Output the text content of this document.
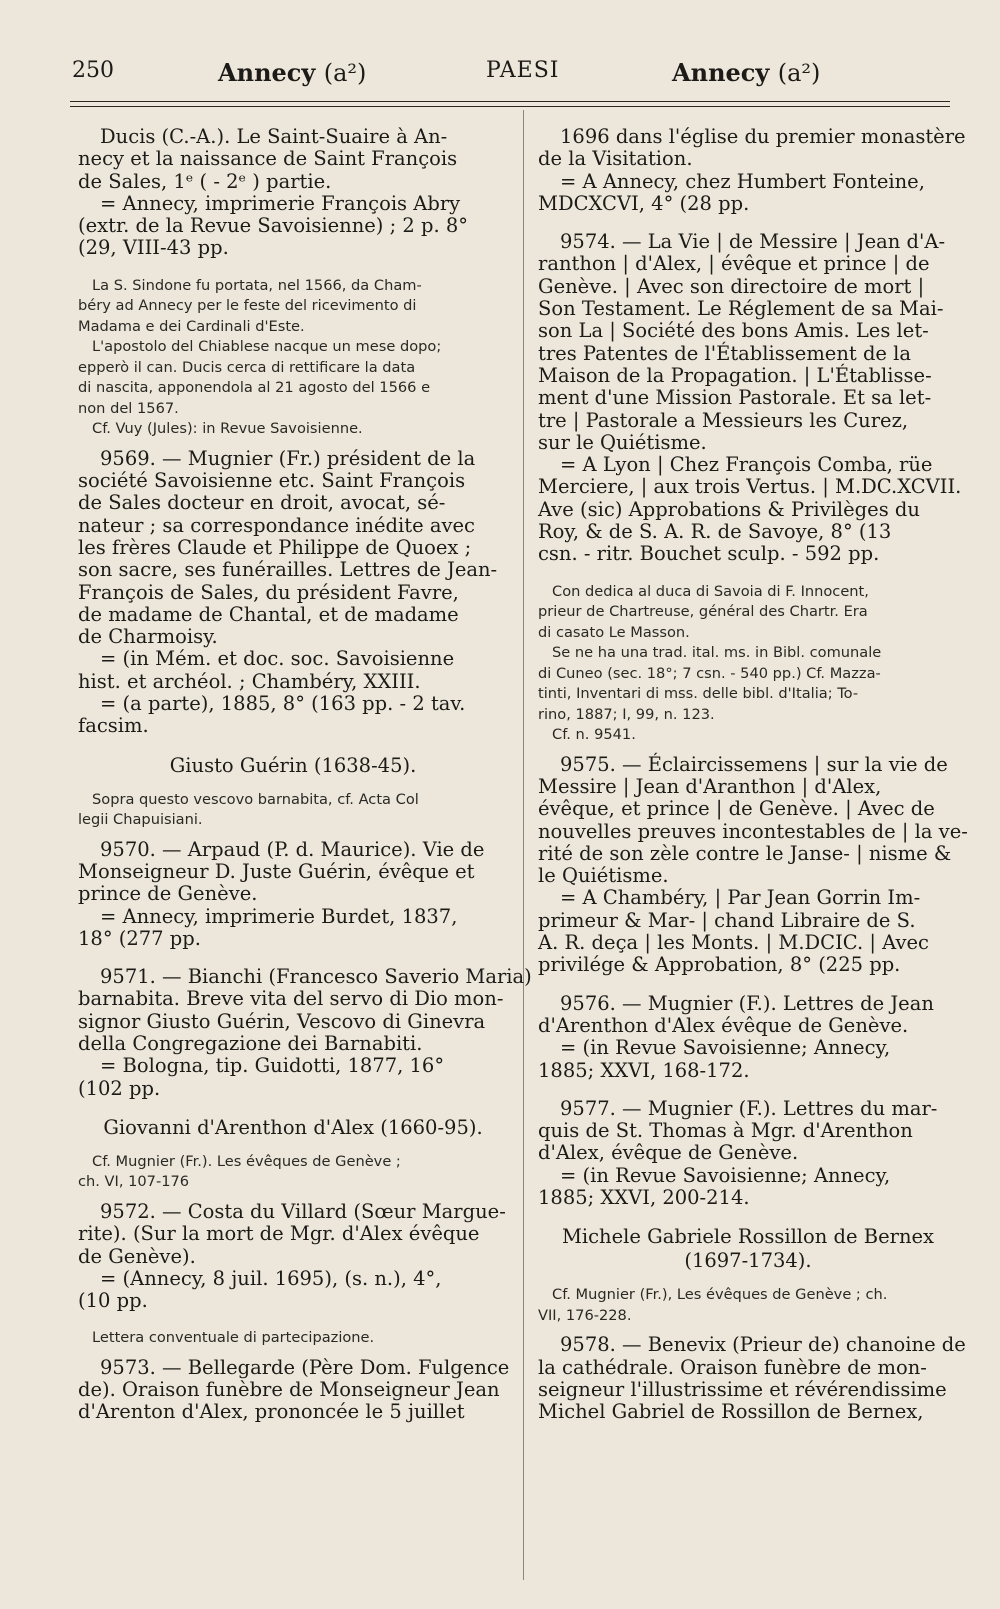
250	Annecy (a²)	PAESI	Annecy (a²)
Ducis (C.-A.). Le Saint-Suaire à An-
necy et la naissance de Saint François
de Sales, 1ᵉ ( - 2ᵉ ) partie.
= Annecy, imprimerie François Abry
(extr. de la Revue Savoisienne) ; 2 p. 8°
(29, VIII-43 pp.
La S. Sindone fu portata, nel 1566, da Cham-
béry ad Annecy per le feste del ricevimento di
Madama e dei Cardinali d'Este.
L'apostolo del Chiablese nacque un mese dopo;
epperò il can. Ducis cerca di rettificare la data
di nascita, apponendola al 21 agosto del 1566 e
non del 1567.
Cf. Vuy (Jules): in Revue Savoisienne.
9569. — Mugnier (Fr.) président de la
société Savoisienne etc. Saint François
de Sales docteur en droit, avocat, sé-
nateur ; sa correspondance inédite avec
les frères Claude et Philippe de Quoex ;
son sacre, ses funérailles. Lettres de Jean-
François de Sales, du président Favre,
de madame de Chantal, et de madame
de Charmoisy.
= (in Mém. et doc. soc. Savoisienne
hist. et archéol. ; Chambéry, XXIII.
= (a parte), 1885, 8° (163 pp. - 2 tav.
facsim.
Giusto Guérin (1638-45).
Sopra questo vescovo barnabita, cf. Acta Col
legii Chapuisiani.
9570. — Arpaud (P. d. Maurice). Vie de
Monseigneur D. Juste Guérin, évêque et
prince de Genève.
= Annecy, imprimerie Burdet, 1837,
18° (277 pp.
9571. — Bianchi (Francesco Saverio Maria)
barnabita. Breve vita del servo di Dio mon-
signor Giusto Guérin, Vescovo di Ginevra
della Congregazione dei Barnabiti.
= Bologna, tip. Guidotti, 1877, 16°
(102 pp.
Giovanni d'Arenthon d'Alex (1660-95).
Cf. Mugnier (Fr.). Les évêques de Genève ;
ch. VI, 107-176
9572. — Costa du Villard (Sœur Margue-
rite). (Sur la mort de Mgr. d'Alex évêque
de Genève).
= (Annecy, 8 juil. 1695), (s. n.), 4°,
(10 pp.
Lettera conventuale di partecipazione.
9573. — Bellegarde (Père Dom. Fulgence
de). Oraison funèbre de Monseigneur Jean
d'Arenton d'Alex, prononcée le 5 juillet
1696 dans l'église du premier monastère
de la Visitation.
= A Annecy, chez Humbert Fonteine,
MDCXCVI, 4° (28 pp.
9574. — La Vie | de Messire | Jean d'A-
ranthon | d'Alex, | évêque et prince | de
Genève. | Avec son directoire de mort |
Son Testament. Le Réglement de sa Mai-
son La | Société des bons Amis. Les let-
tres Patentes de l'Établissement de la
Maison de la Propagation. | L'Établisse-
ment d'une Mission Pastorale. Et sa let-
tre | Pastorale a Messieurs les Curez,
sur le Quiétisme.
= A Lyon | Chez François Comba, rüe
Merciere, | aux trois Vertus. | M.DC.XCVII.
Ave (sic) Approbations & Privilèges du
Roy, & de S. A. R. de Savoye, 8° (13
csn. - ritr. Bouchet sculp. - 592 pp.
Con dedica al duca di Savoia di F. Innocent,
prieur de Chartreuse, général des Chartr. Era
di casato Le Masson.
Se ne ha una trad. ital. ms. in Bibl. comunale
di Cuneo (sec. 18°; 7 csn. - 540 pp.) Cf. Mazza-
tinti, Inventari di mss. delle bibl. d'Italia; To-
rino, 1887; I, 99, n. 123.
Cf. n. 9541.
9575. — Éclaircissemens | sur la vie de
Messire | Jean d'Aranthon | d'Alex,
évêque, et prince | de Genève. | Avec de
nouvelles preuves incontestables de | la ve-
rité de son zèle contre le Janse- | nisme &
le Quiétisme.
= A Chambéry, | Par Jean Gorrin Im-
primeur & Mar- | chand Libraire de S.
A. R. deça | les Monts. | M.DCIC. | Avec
privilége & Approbation, 8° (225 pp.
9576. — Mugnier (F.). Lettres de Jean
d'Arenthon d'Alex évêque de Genève.
= (in Revue Savoisienne; Annecy,
1885; XXVI, 168-172.
9577. — Mugnier (F.). Lettres du mar-
quis de St. Thomas à Mgr. d'Arenthon
d'Alex, évêque de Genève.
= (in Revue Savoisienne; Annecy,
1885; XXVI, 200-214.
Michele Gabriele Rossillon de Bernex
(1697-1734).
Cf. Mugnier (Fr.), Les évêques de Genève ; ch.
VII, 176-228.
9578. — Benevix (Prieur de) chanoine de
la cathédrale. Oraison funèbre de mon-
seigneur l'illustrissime et révérendissime
Michel Gabriel de Rossillon de Bernex,
